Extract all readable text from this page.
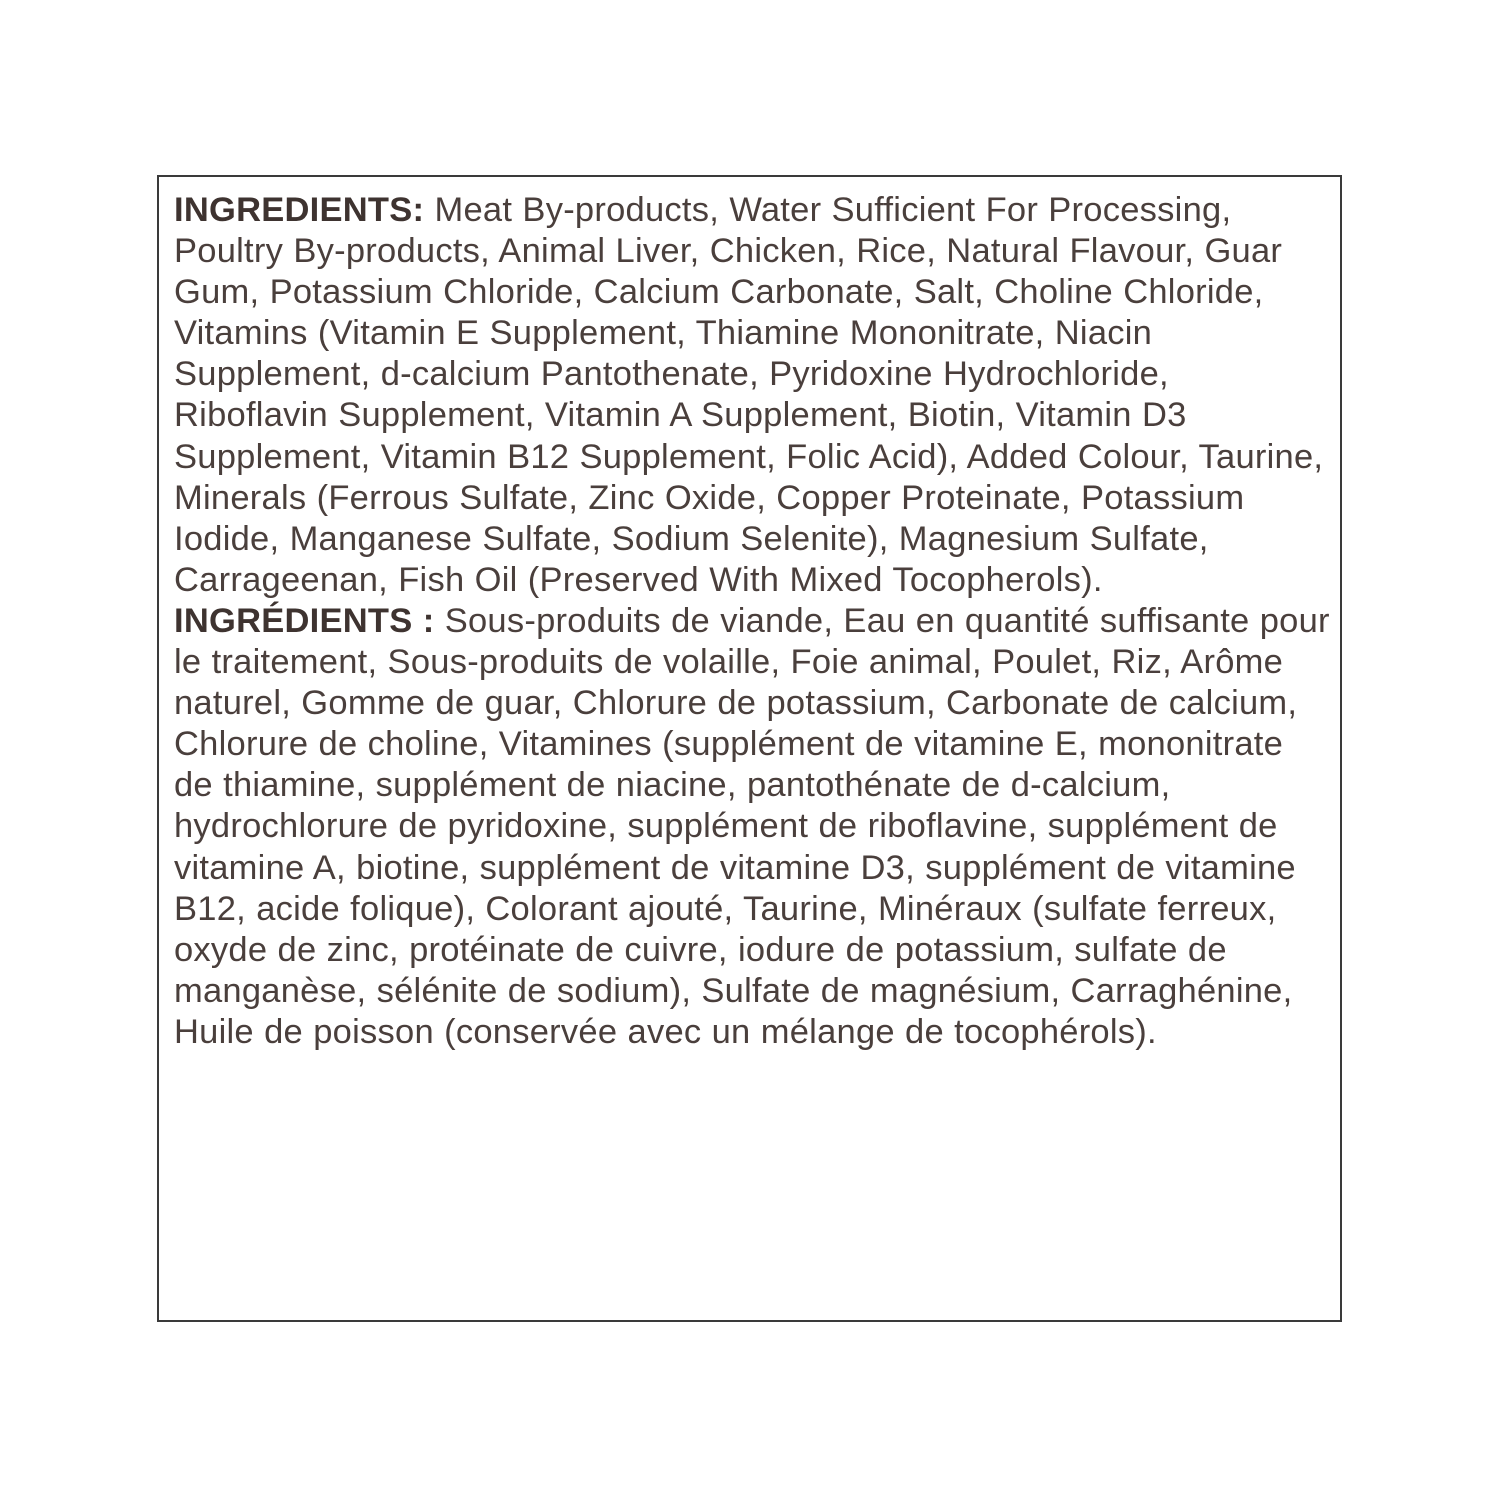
INGREDIENTS: Meat By-products, Water Sufficient For Processing, Poultry By-products, Animal Liver, Chicken, Rice, Natural Flavour, Guar Gum, Potassium Chloride, Calcium Carbonate, Salt, Choline Chloride, Vitamins (Vitamin E Supplement, Thiamine Mononitrate, Niacin Supplement, d-calcium Pantothenate, Pyridoxine Hydrochloride, Riboflavin Supplement, Vitamin A Supplement, Biotin, Vitamin D3 Supplement, Vitamin B12 Supplement, Folic Acid), Added Colour, Taurine, Minerals (Ferrous Sulfate, Zinc Oxide, Copper Proteinate, Potassium Iodide, Manganese Sulfate, Sodium Selenite), Magnesium Sulfate, Carrageenan, Fish Oil (Preserved With Mixed Tocopherols).

INGRÉDIENTS : Sous-produits de viande, Eau en quantité suffisante pour le traitement, Sous-produits de volaille, Foie animal, Poulet, Riz, Arôme naturel, Gomme de guar, Chlorure de potassium, Carbonate de calcium, Chlorure de choline, Vitamines (supplément de vitamine E, mononitrate de thiamine, supplément de niacine, pantothénate de d-calcium, hydrochlorure de pyridoxine, supplément de riboflavine, supplément de vitamine A, biotine, supplément de vitamine D3, supplément de vitamine B12, acide folique), Colorant ajouté, Taurine, Minéraux (sulfate ferreux, oxyde de zinc, protéinate de cuivre, iodure de potassium, sulfate de manganèse, sélénite de sodium), Sulfate de magnésium, Carraghénine, Huile de poisson (conservée avec un mélange de tocophérols).
